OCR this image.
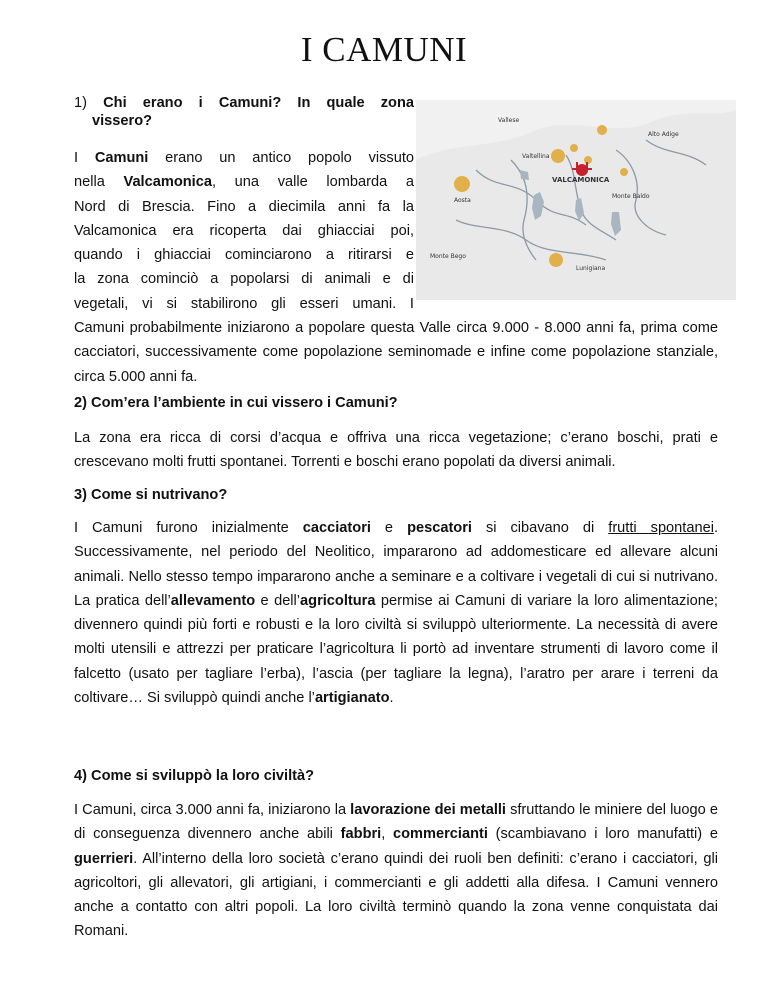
I CAMUNI
1) Chi erano i Camuni? In quale zona
vissero?
I Camuni erano un antico popolo vissuto
nella Valcamonica, una valle lombarda a
Nord di Brescia. Fino a diecimila anni fa la
Valcamonica era ricoperta dai ghiacciai poi,
quando i ghiacciai cominciarono a ritirarsi e
la zona cominciò a popolarsi di animali e di
vegetali, vi si stabilirono gli esseri umani. I
Camuni probabilmente iniziarono a popolare questa Valle circa 9.000 - 8.000 anni fa, prima come cacciatori, successivamente come popolazione seminomade e infine come popolazione stanziale, circa 5.000 anni fa.
Vallese
Alto Adige
Valtellina
VALCAMONICA
Aosta
Monte Baldo
Monte Bego
Lunigiana
2) Com’era l’ambiente in cui vissero i Camuni?
La zona era ricca di corsi d’acqua e offriva una ricca vegetazione; c’erano boschi, prati e crescevano molti frutti spontanei. Torrenti e boschi erano popolati da diversi animali.
3) Come si nutrivano?
I Camuni furono inizialmente cacciatori e pescatori si cibavano di frutti spontanei. Successivamente, nel periodo del Neolitico, impararono ad addomesticare ed allevare alcuni animali. Nello stesso tempo impararono anche a seminare e a coltivare i vegetali di cui si nutrivano. La pratica dell’allevamento e dell’agricoltura permise ai Camuni di variare la loro alimentazione; divennero quindi più forti e robusti e la loro civiltà si sviluppò ulteriormente. La necessità di avere molti utensili e attrezzi per praticare l’agricoltura li portò ad inventare strumenti di lavoro come il falcetto (usato per tagliare l’erba), l’ascia (per tagliare la legna), l’aratro per arare i terreni da coltivare… Si sviluppò quindi anche l’artigianato.
4) Come si sviluppò la loro civiltà?
I Camuni, circa 3.000 anni fa, iniziarono la lavorazione dei metalli sfruttando le miniere del luogo e di conseguenza divennero anche abili fabbri, commercianti (scambiavano i loro manufatti) e guerrieri. All’interno della loro società c’erano quindi dei ruoli ben definiti: c’erano i cacciatori, gli agricoltori, gli allevatori, gli artigiani, i commercianti e gli addetti alla difesa. I Camuni vennero anche a contatto con altri popoli. La loro civiltà terminò quando la zona venne conquistata dai Romani.
